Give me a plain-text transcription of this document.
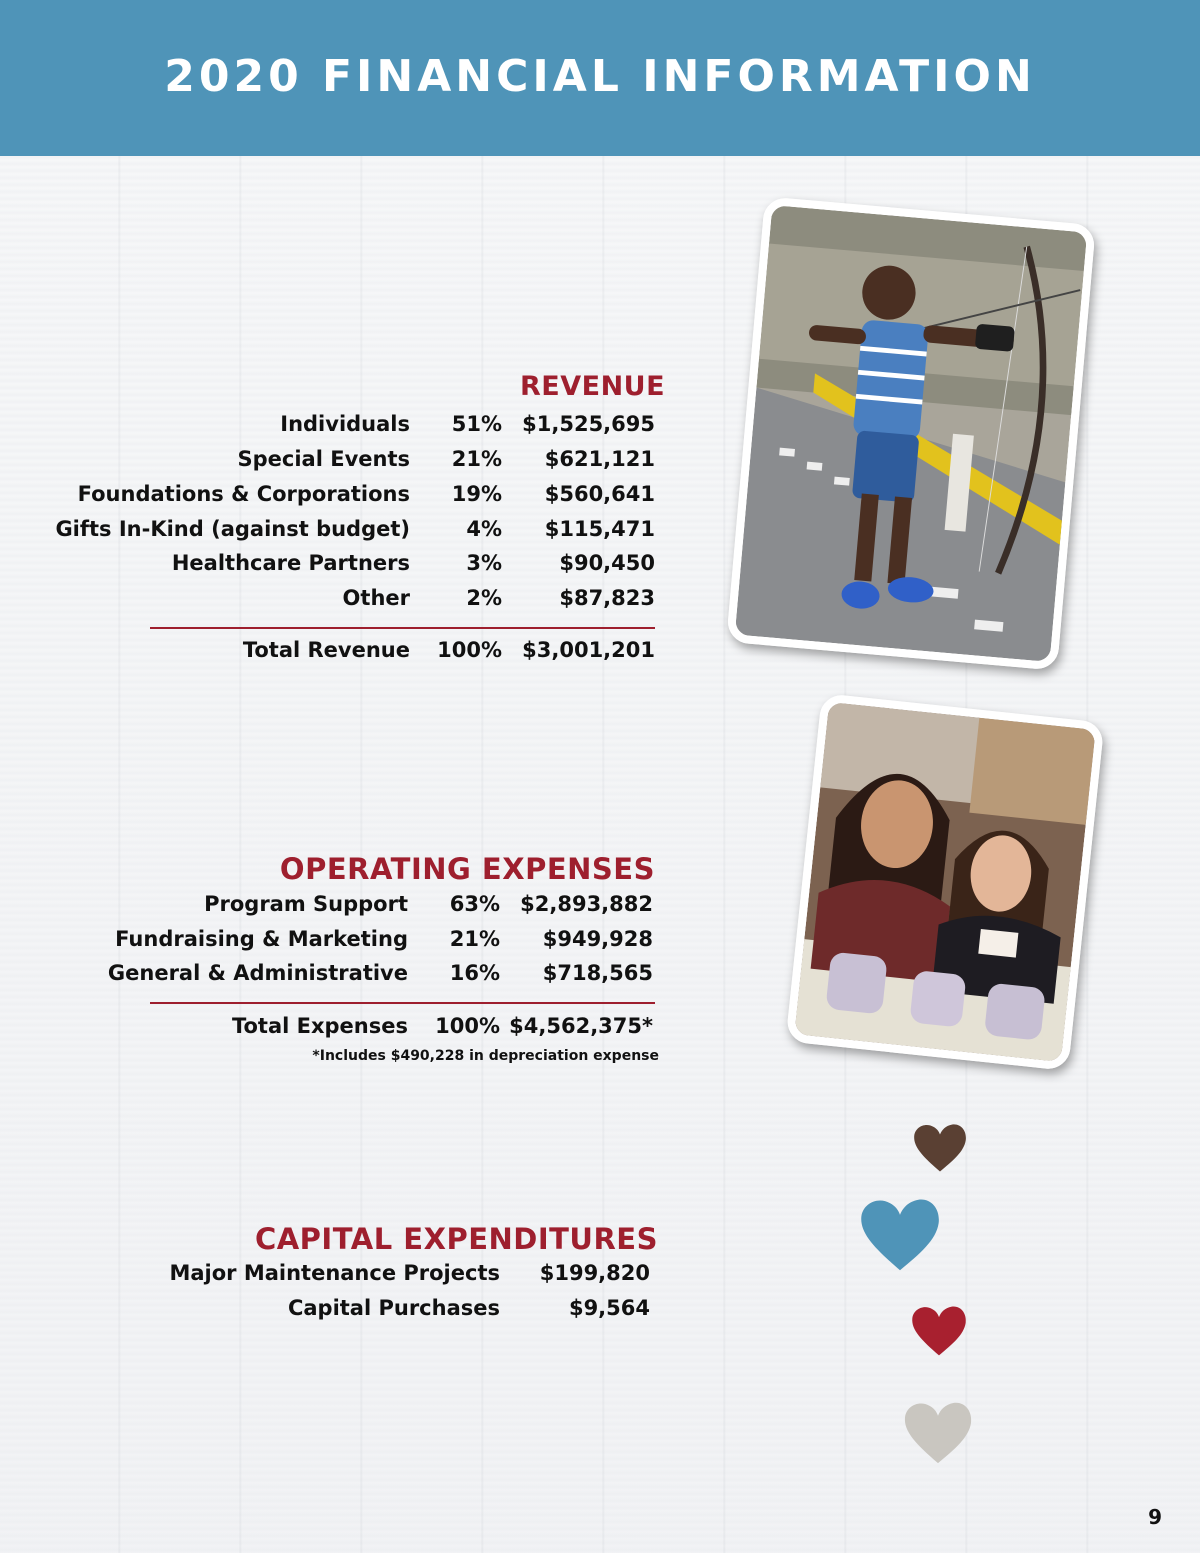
2020 FINANCIAL INFORMATION
REVENUE
Individuals 51% $1,525,695
Special Events 21% $621,121
Foundations & Corporations 19% $560,641
Gifts In-Kind (against budget)	4% $115,471
Healthcare Partners	3%	$90,450
Other	2%	$87,823
Total Revenue 100% $3,001,201
OPERATING EXPENSES
Program Support 63% $2,893,882
Fundraising & Marketing 21% $949,928
General & Administrative 16% $718,565
Total Expenses 100% $4,562,375*
*Includes $490,228 in depreciation expense
CAPITAL EXPENDITURES
Major Maintenance Projects $199,820
Capital Purchases	$9,564
9
